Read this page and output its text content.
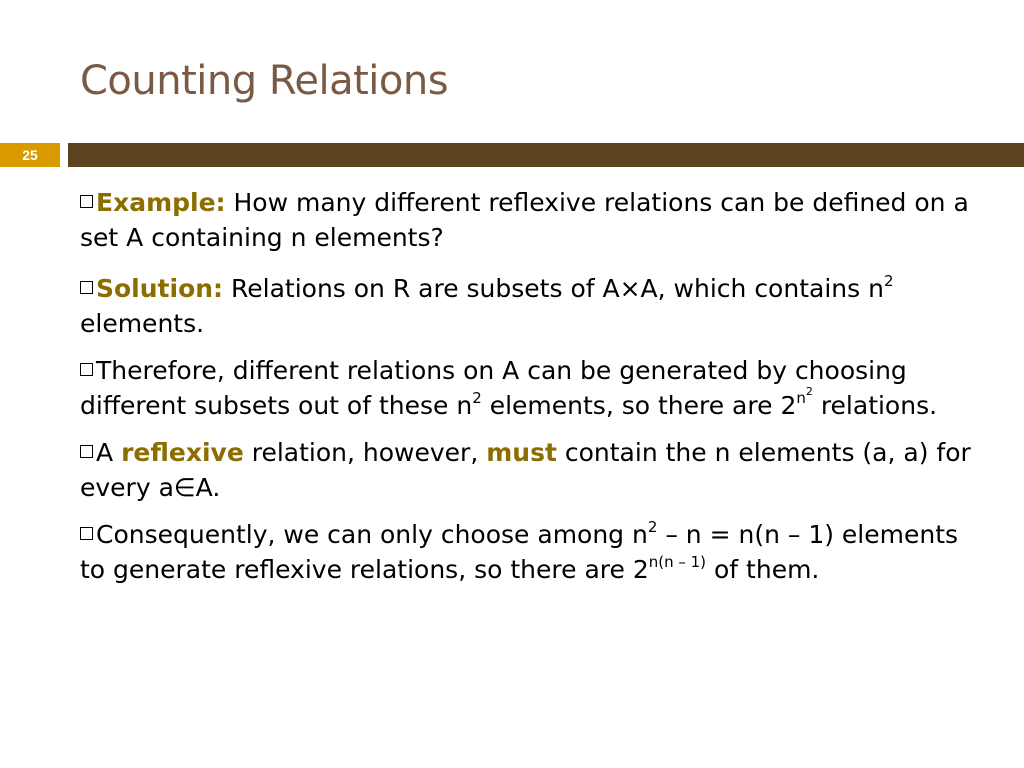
Counting Relations
25
Example: How many different reflexive relations can be defined on a set A containing n elements?
Solution: Relations on R are subsets of A×A, which contains $n^2$ elements.
Therefore, different relations on A can be generated by choosing different subsets out of these $n^2$ elements, so there are $2^{n^2}$ relations.
A reflexive relation, however, must contain the n elements (a, a) for every a∈A.
Consequently, we can only choose among $n^2 - n = n(n - 1)$ elements to generate reflexive relations, so there are $2^{n(n - 1)}$ of them.
